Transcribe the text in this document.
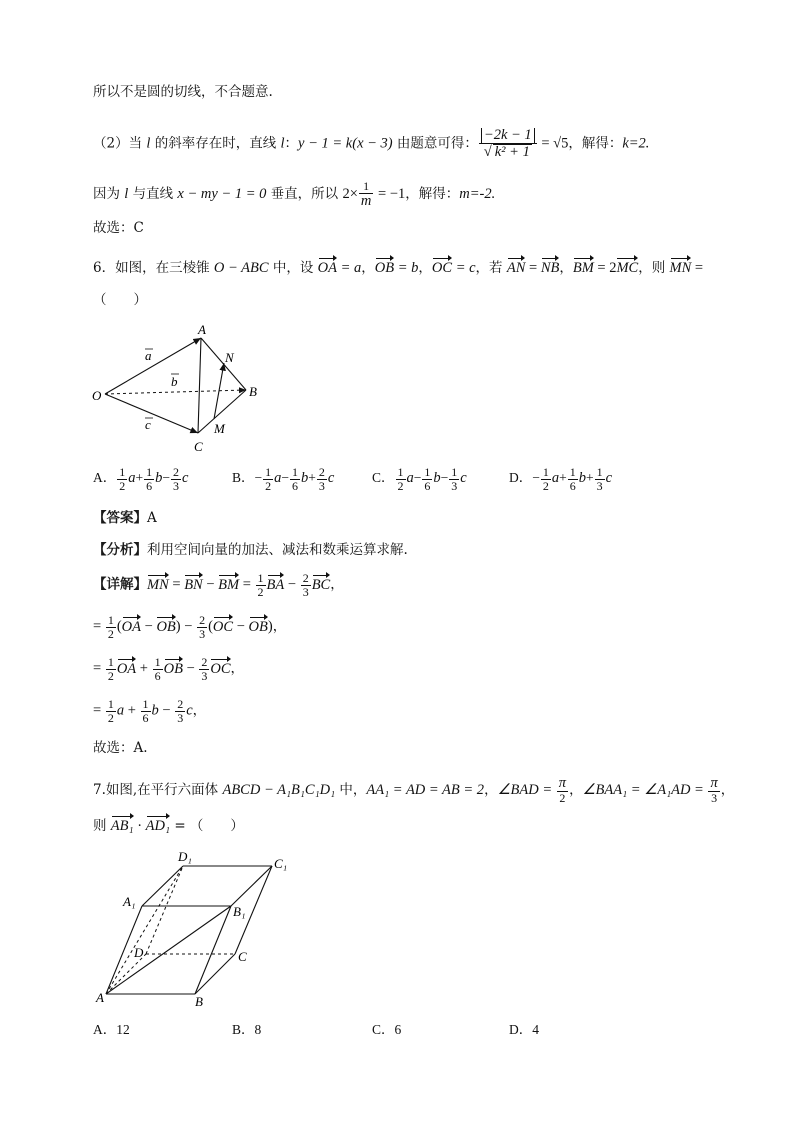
所以不是圆的切线，不合题意.
（2）当 l 的斜率存在时，直线 l：y − 1 = k(x − 3) 由题意可得： $\frac{-2k - 1}{\text{√ k² + 1}} = √5$，解得：k=2.
因为 l 与直线 x − my − 1 = 0 垂直，所以 $2\times \frac{1}{m} = -1$，解得：m=-2.
故选：C
6．如图，在三棱锥 O − ABC 中，设 OA = a，OB = b，OC = c，若 AN = NB，BM = 2MC，则 MN =
（　　）
A
N
B
O
C
M
a
b
c
A． $\frac{1}{2} a+ \frac{1}{6} b- \frac{2}{3}$ c	B．− $\frac{1}{2} a- \frac{1}{6} b+ \frac{2}{3}$ c	C． $\frac{1}{2} a- \frac{1}{6} b- \frac{1}{3}$ c	D．− $\frac{1}{2} a+ \frac{1}{6} b+ \frac{1}{3}$ c
【答案】A
【分析】利用空间向量的加法、减法和数乘运算求解.
【详解】MN = BN − BM = $\frac{1}{2}$ BA − $\frac{2}{3}$ BC，
= $\frac{1}{2} (OA - OB) - \frac{2}{3} (OC - OB)$，
= $\frac{1}{2}$ OA + $\frac{1}{6}$ OB − $\frac{2}{3}$ OC，
= $\frac{1}{2}$ $a + \frac{1}{6}$ $b - \frac{2}{3}$ c，
故选：A.
7.如图,在平行六面体 ABCD − A₁B₁C₁D₁ 中，AA₁ = AD = AB = 2，∠BAD = $\frac{\pi}{2}$ ，∠BAA₁ = ∠A₁AD = $\frac{\pi}{3}$ ，
则 AB₁ · AD₁ = （　　）
D₁	C₁
A₁
B₁
D	C
A	B
A．12	B．8	C．6	D．4
